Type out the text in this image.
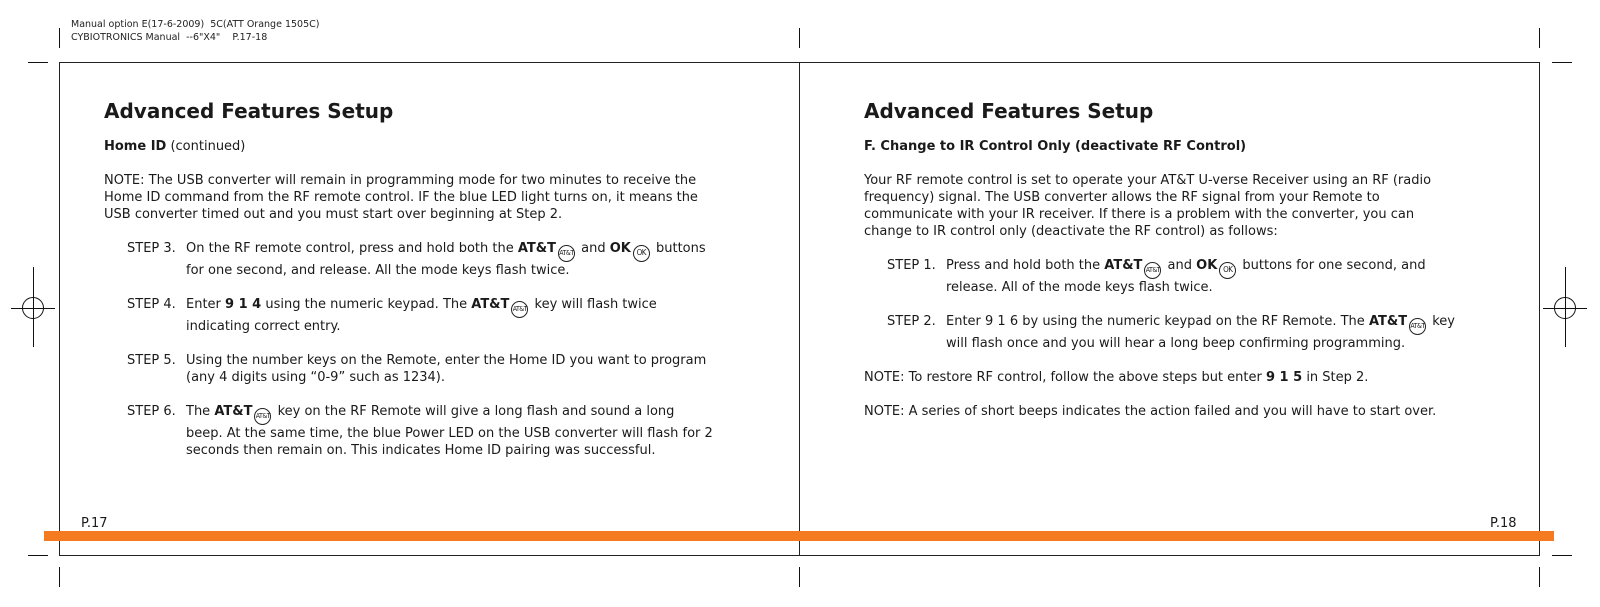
Manual option E(17-6-2009)  5C(ATT Orange 1505C)
CYBIOTRONICS Manual  --6"X4"    P.17-18
Advanced Features Setup
Home ID (continued)
NOTE: The USB converter will remain in programming mode for two minutes to receive the Home ID command from the RF remote control. IF the blue LED light turns on, it means the USB converter timed out and you must start over beginning at Step 2.
STEP 3. On the RF remote control, press and hold both the AT&T AT&T and OK OK buttons for one second, and release. All the mode keys flash twice.
STEP 4. Enter 9 1 4 using the numeric keypad. The AT&T AT&T key will flash twice indicating correct entry.
STEP 5. Using the number keys on the Remote, enter the Home ID you want to program (any 4 digits using “0-9” such as 1234).
STEP 6. The AT&T AT&T key on the RF Remote will give a long flash and sound a long beep. At the same time, the blue Power LED on the USB converter will flash for 2 seconds then remain on. This indicates Home ID pairing was successful.
P.17
Advanced Features Setup
F. Change to IR Control Only (deactivate RF Control)
Your RF remote control is set to operate your AT&T U-verse Receiver using an RF (radio frequency) signal. The USB converter allows the RF signal from your Remote to communicate with your IR receiver. If there is a problem with the converter, you can change to IR control only (deactivate the RF control) as follows:
STEP 1. Press and hold both the AT&T AT&T and OK OK buttons for one second, and release. All of the mode keys flash twice.
STEP 2. Enter 9 1 6 by using the numeric keypad on the RF Remote. The AT&T AT&T key will flash once and you will hear a long beep confirming programming.
NOTE: To restore RF control, follow the above steps but enter 9 1 5 in Step 2.
NOTE: A series of short beeps indicates the action failed and you will have to start over.
P.18
